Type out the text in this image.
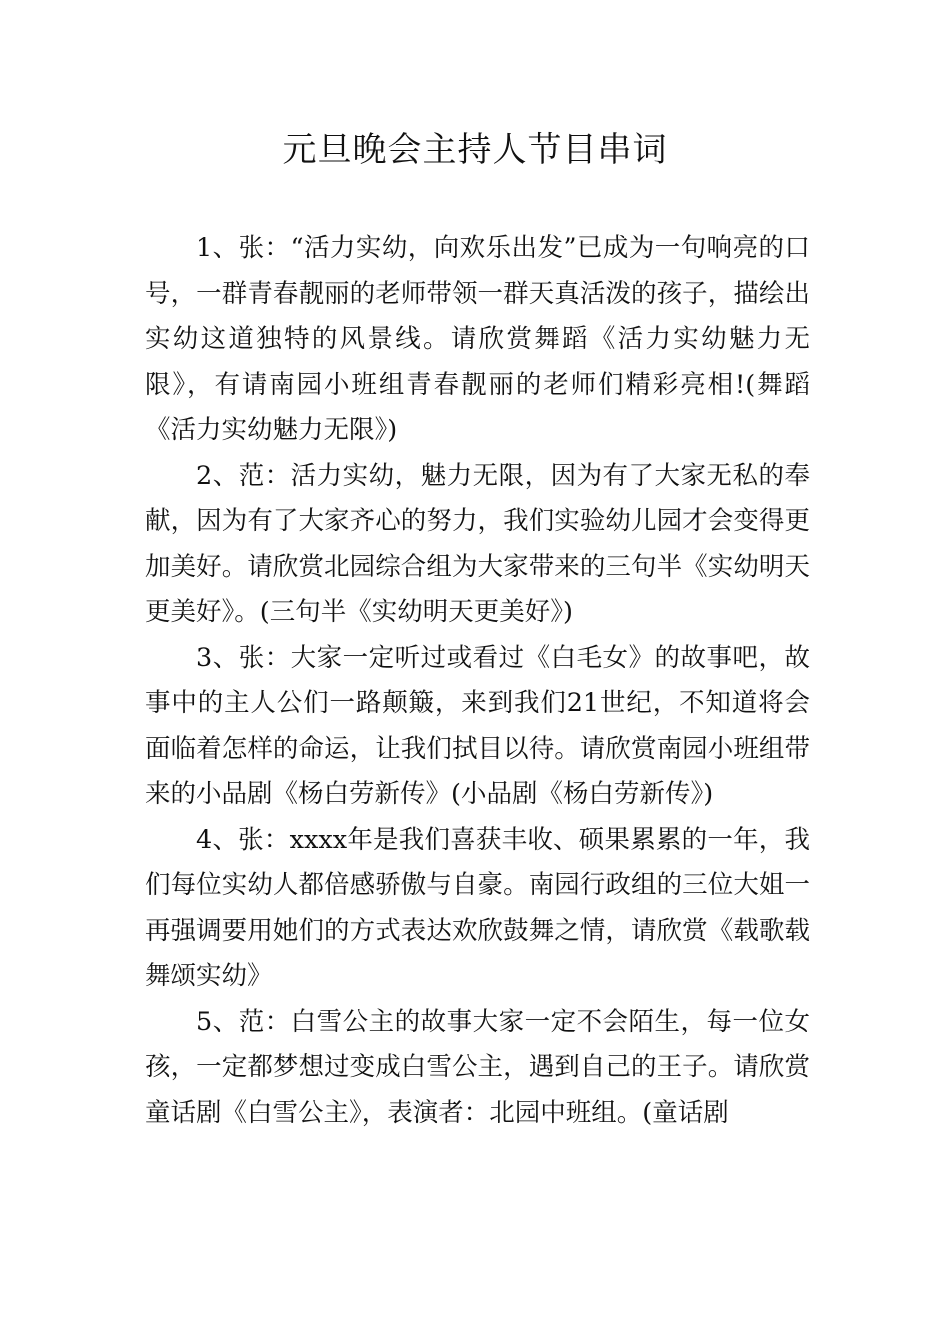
元旦晚会主持人节目串词

1、张：“活力实幼，向欢乐出发”已成为一句响亮的口号，一群青春靓丽的老师带领一群天真活泼的孩子，描绘出实幼这道独特的风景线。请欣赏舞蹈《活力实幼魅力无限》，有请南园小班组青春靓丽的老师们精彩亮相!(舞蹈《活力实幼魅力无限》)

2、范：活力实幼，魅力无限，因为有了大家无私的奉献，因为有了大家齐心的努力，我们实验幼儿园才会变得更加美好。请欣赏北园综合组为大家带来的三句半《实幼明天更美好》。(三句半《实幼明天更美好》)

3、张：大家一定听过或看过《白毛女》的故事吧，故事中的主人公们一路颠簸，来到我们21世纪，不知道将会面临着怎样的命运，让我们拭目以待。请欣赏南园小班组带来的小品剧《杨白劳新传》(小品剧《杨白劳新传》)

4、张：xxxx年是我们喜获丰收、硕果累累的一年，我们每位实幼人都倍感骄傲与自豪。南园行政组的三位大姐一再强调要用她们的方式表达欢欣鼓舞之情，请欣赏《载歌载舞颂实幼》

5、范：白雪公主的故事大家一定不会陌生，每一位女孩，一定都梦想过变成白雪公主，遇到自己的王子。请欣赏童话剧《白雪公主》，表演者：北园中班组。(童话剧
